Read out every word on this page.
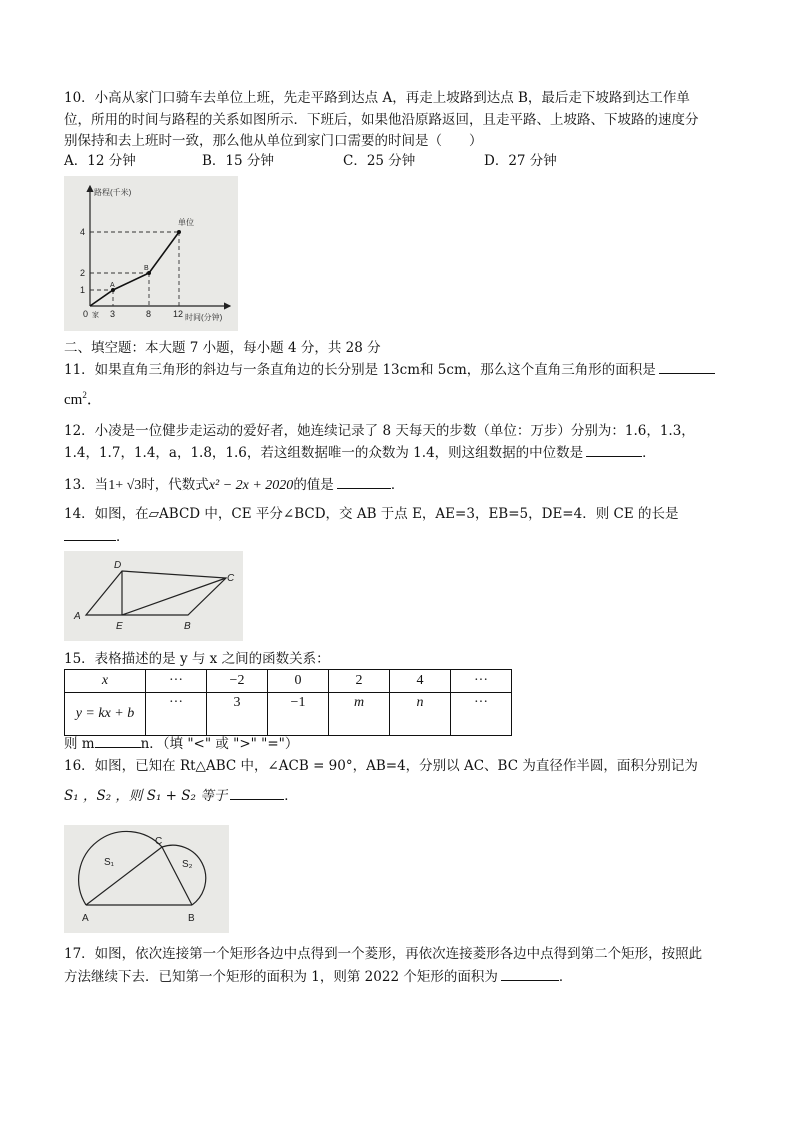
10．小高从家门口骑车去单位上班，先走平路到达点 A，再走上坡路到达点 B，最后走下坡路到达工作单
位，所用的时间与路程的关系如图所示．下班后，如果他沿原路返回，且走平路、上坡路、下坡路的速度分
别保持和去上班时一致，那么他从单位到家门口需要的时间是（　　）
A．12 分钟	B．15 分钟	C．25 分钟	D．27 分钟
路程(千米)
时间(分钟)
4
2
1
0 家 3	8 12
A
B
单位
二、填空题：本大题 7 小题，每小题 4 分，共 28 分
11．如果直角三角形的斜边与一条直角边的长分别是 13cm和 5cm，那么这个直角三角形的面积是
$cm^2$．
12．小凌是一位健步走运动的爱好者，她连续记录了 8 天每天的步数（单位：万步）分别为：1.6，1.3，
1.4，1.7，1.4，a，1.8，1.6，若这组数据唯一的众数为 1.4，则这组数据的中位数是	．
13．当1+ √3时，代数式x² − 2x + 2020的值是	．
14．如图，在▱ABCD 中，CE 平分∠BCD，交 AB 于点 E，AE=3，EB=5，DE=4．则 CE 的长是
．
A
B
C
D
E
15．表格描述的是 y 与 x 之间的函数关系：
x	···	−2	0	2	4	···
y = kx + b	···	3	−1	m	n	···
则 m	n．（填 "<" 或 ">" "="）
16．如图，已知在 Rt△ABC 中，∠ACB = 90°，AB=4，分别以 AC、BC 为直径作半圆，面积分别记为
S₁ ，S₂ ，则 S₁ + S₂ 等于	．
S₁	S₂
C
A	B
17．如图，依次连接第一个矩形各边中点得到一个菱形，再依次连接菱形各边中点得到第二个矩形，按照此
方法继续下去．已知第一个矩形的面积为 1，则第 2022 个矩形的面积为	．
